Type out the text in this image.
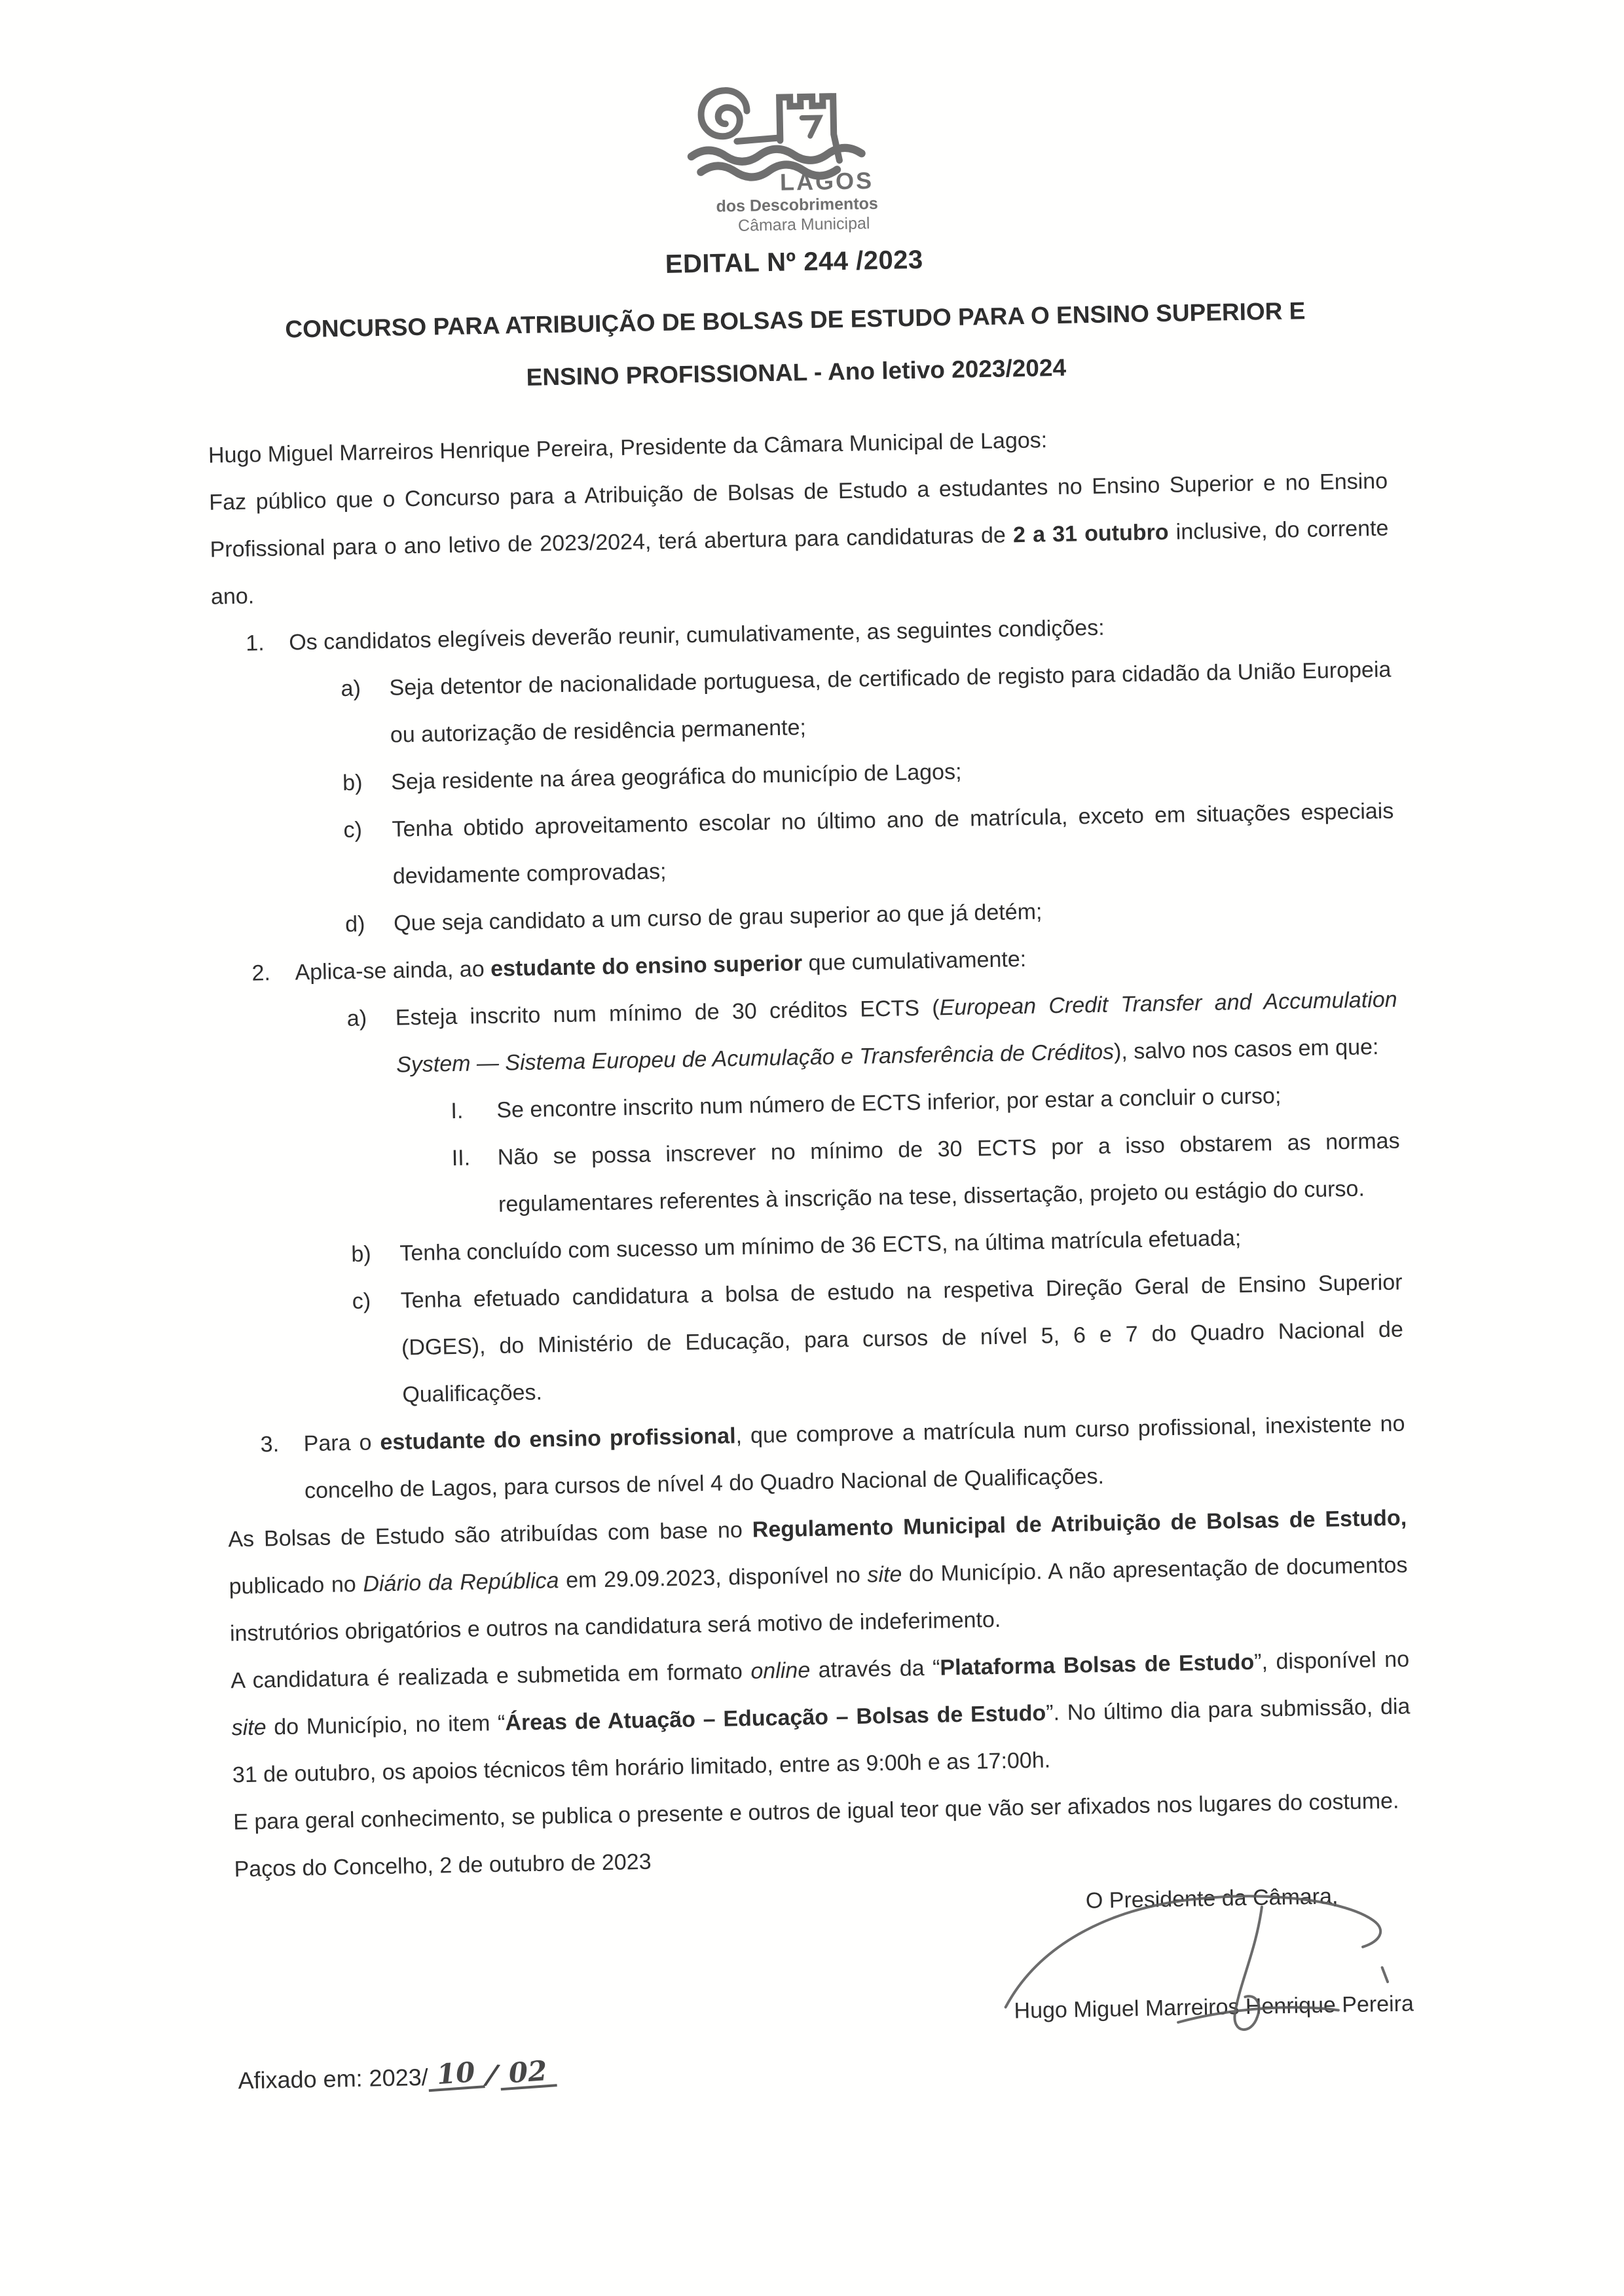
LAGOS
dos Descobrimentos
Câmara Municipal
EDITAL Nº 244 /2023
CONCURSO PARA ATRIBUIÇÃO DE BOLSAS DE ESTUDO PARA O ENSINO SUPERIOR E
ENSINO PROFISSIONAL - Ano letivo 2023/2024

Hugo Miguel Marreiros Henrique Pereira, Presidente da Câmara Municipal de Lagos:

Faz público que o Concurso para a Atribuição de Bolsas de Estudo a estudantes no Ensino Superior e no Ensino Profissional para o ano letivo de 2023/2024, terá abertura para candidaturas de 2 a 31 outubro inclusive, do corrente ano.

1.	Os candidatos elegíveis deverão reunir, cumulativamente, as seguintes condições:
a)	Seja detentor de nacionalidade portuguesa, de certificado de registo para cidadão da União Europeia ou autorização de residência permanente;
b)	Seja residente na área geográfica do município de Lagos;
c)	Tenha obtido aproveitamento escolar no último ano de matrícula, exceto em situações especiais devidamente comprovadas;
d)	Que seja candidato a um curso de grau superior ao que já detém;
2.	Aplica-se ainda, ao estudante do ensino superior que cumulativamente:
a)	Esteja inscrito num mínimo de 30 créditos ECTS (European Credit Transfer and Accumulation System — Sistema Europeu de Acumulação e Transferência de Créditos), salvo nos casos em que:
I.	Se encontre inscrito num número de ECTS inferior, por estar a concluir o curso;
II.	Não se possa inscrever no mínimo de 30 ECTS por a isso obstarem as normas regulamentares referentes à inscrição na tese, dissertação, projeto ou estágio do curso.
b)	Tenha concluído com sucesso um mínimo de 36 ECTS, na última matrícula efetuada;
c)	Tenha efetuado candidatura a bolsa de estudo na respetiva Direção Geral de Ensino Superior (DGES), do Ministério de Educação, para cursos de nível 5, 6 e 7 do Quadro Nacional de Qualificações.
3.	Para o estudante do ensino profissional, que comprove a matrícula num curso profissional, inexistente no concelho de Lagos, para cursos de nível 4 do Quadro Nacional de Qualificações.

As Bolsas de Estudo são atribuídas com base no Regulamento Municipal de Atribuição de Bolsas de Estudo, publicado no Diário da República em 29.09.2023, disponível no site do Município. A não apresentação de documentos instrutórios obrigatórios e outros na candidatura será motivo de indeferimento.

A candidatura é realizada e submetida em formato online através da “Plataforma Bolsas de Estudo”, disponível no site do Município, no item “Áreas de Atuação – Educação – Bolsas de Estudo”. No último dia para submissão, dia 31 de outubro, os apoios técnicos têm horário limitado, entre as 9:00h e as 17:00h.

E para geral conhecimento, se publica o presente e outros de igual teor que vão ser afixados nos lugares do costume.

Paços do Concelho, 2 de outubro de 2023

O Presidente da Câmara,
Hugo Miguel Marreiros Henrique Pereira
Afixado em: 2023/ 10 / 02
